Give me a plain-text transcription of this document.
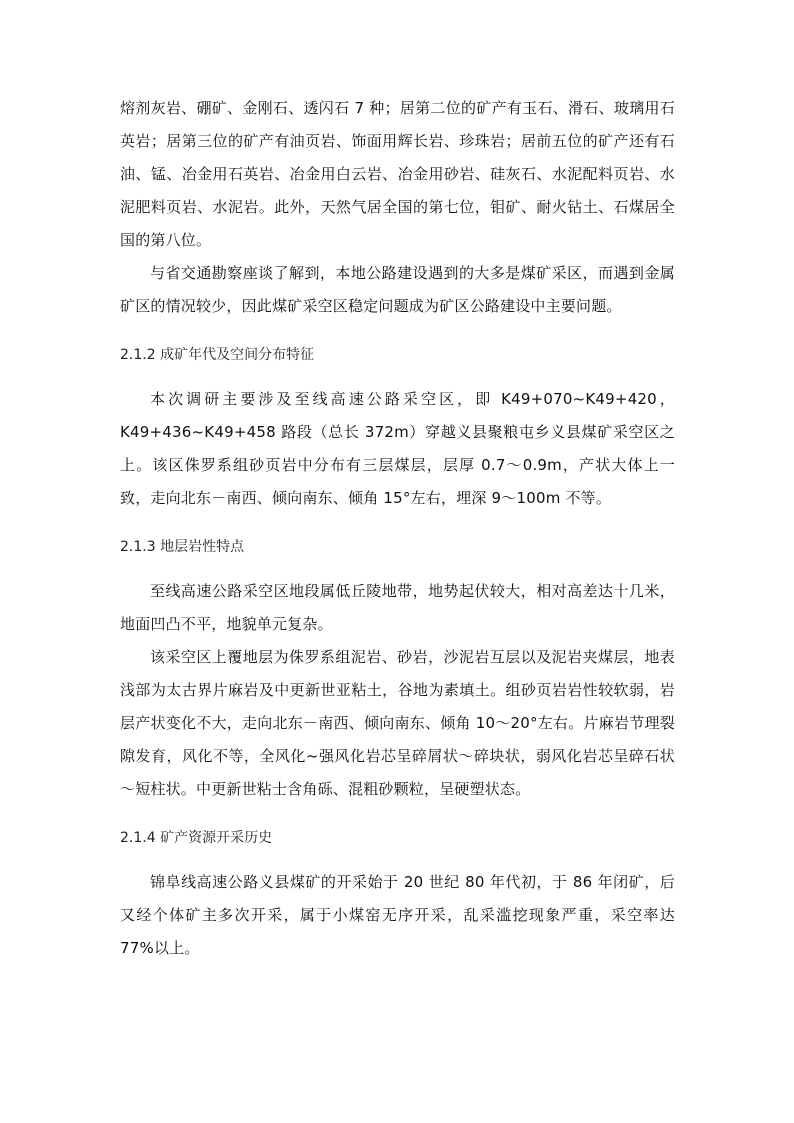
熔剂灰岩、硼矿、金刚石、透闪石 7 种；居第二位的矿产有玉石、滑石、玻璃用石英岩；居第三位的矿产有油页岩、饰面用辉长岩、珍珠岩；居前五位的矿产还有石油、锰、冶金用石英岩、冶金用白云岩、冶金用砂岩、硅灰石、水泥配料页岩、水泥肥料页岩、水泥岩。此外，天然气居全国的第七位，钼矿、耐火钻土、石煤居全国的第八位。

与省交通勘察座谈了解到，本地公路建设遇到的大多是煤矿采区，而遇到金属矿区的情况较少，因此煤矿采空区稳定问题成为矿区公路建设中主要问题。

2.1.2 成矿年代及空间分布特征

本次调研主要涉及至线高速公路采空区，即 K49+070~K49+420，K49+436~K49+458 路段（总长 372m）穿越义县聚粮屯乡义县煤矿采空区之上。该区侏罗系组砂页岩中分布有三层煤层，层厚 0.7～0.9m，产状大体上一致，走向北东－南西、倾向南东、倾角 15°左右，埋深 9～100m 不等。

2.1.3 地层岩性特点

至线高速公路采空区地段属低丘陵地带，地势起伏较大，相对高差达十几米，地面凹凸不平，地貌单元复杂。

该采空区上覆地层为侏罗系组泥岩、砂岩，沙泥岩互层以及泥岩夹煤层，地表浅部为太古界片麻岩及中更新世亚粘土，谷地为素填土。组砂页岩岩性较软弱，岩层产状变化不大，走向北东－南西、倾向南东、倾角 10～20°左右。片麻岩节理裂隙发育，风化不等，全风化~强风化岩芯呈碎屑状～碎块状，弱风化岩芯呈碎石状～短柱状。中更新世粘士含角砾、混粗砂颗粒，呈硬塑状态。

2.1.4 矿产资源开采历史

锦阜线高速公路义县煤矿的开采始于 20 世纪 80 年代初，于 86 年闭矿，后又经个体矿主多次开采，属于小煤窑无序开采，乱采滥挖现象严重，采空率达 77%以上。
